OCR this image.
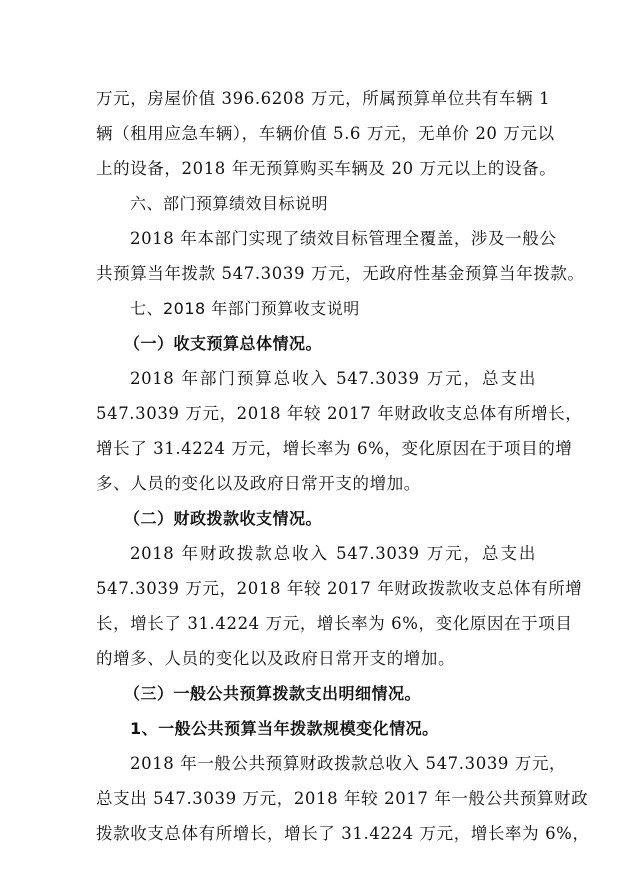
万元，房屋价值 396.6208 万元，所属预算单位共有车辆 1
辆（租用应急车辆），车辆价值 5.6 万元，无单价 20 万元以
上的设备，2018 年无预算购买车辆及 20 万元以上的设备。
六、部门预算绩效目标说明
2018 年本部门实现了绩效目标管理全覆盖，涉及一般公
共预算当年拨款 547.3039 万元，无政府性基金预算当年拨款。
七、2018 年部门预算收支说明
（一）收支预算总体情况。
2018 年部门预算总收入 547.3039 万元，总支出
547.3039 万元，2018 年较 2017 年财政收支总体有所增长，
增长了 31.4224 万元，增长率为 6%，变化原因在于项目的增
多、人员的变化以及政府日常开支的增加。
（二）财政拨款收支情况。
2018 年财政拨款总收入 547.3039 万元，总支出
547.3039 万元，2018 年较 2017 年财政拨款收支总体有所增
长，增长了 31.4224 万元，增长率为 6%，变化原因在于项目
的增多、人员的变化以及政府日常开支的增加。
（三）一般公共预算拨款支出明细情况。
1、一般公共预算当年拨款规模变化情况。
2018 年一般公共预算财政拨款总收入 547.3039 万元，
总支出 547.3039 万元，2018 年较 2017 年一般公共预算财政
拨款收支总体有所增长，增长了 31.4224 万元，增长率为 6%，
